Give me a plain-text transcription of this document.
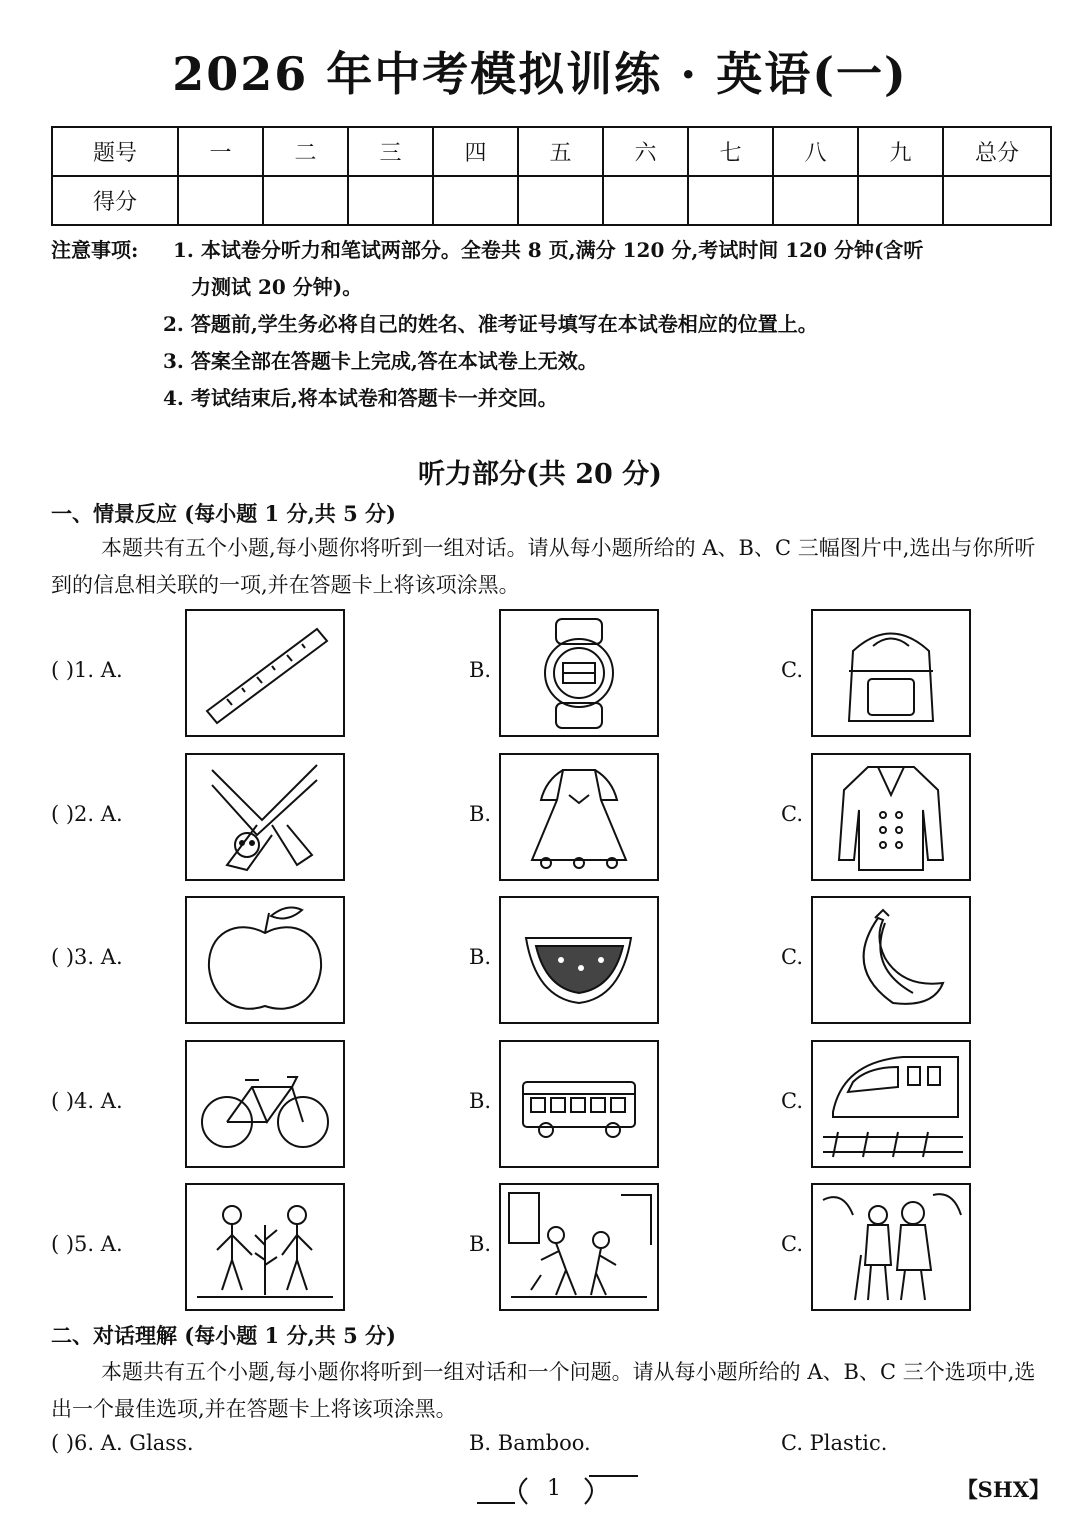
2026 年中考模拟训练 · 英语(一)
题号	一	二	三	四	五	六	七	八	九	总分
得分										
注意事项:	1. 本试卷分听力和笔试两部分。全卷共 8 页,满分 120 分,考试时间 120 分钟(含听
力测试 20 分钟)。
2. 答题前,学生务必将自己的姓名、准考证号填写在本试卷相应的位置上。
3. 答案全部在答题卡上完成,答在本试卷上无效。
4. 考试结束后,将本试卷和答题卡一并交回。
听力部分(共 20 分)
一、情景反应 (每小题 1 分,共 5 分)
本题共有五个小题,每小题你将听到一组对话。请从每小题所给的 A、B、C 三幅图片中,选出与你所听到的信息相关联的一项,并在答题卡上将该项涂黑。
( )1. A.	B.	C.
( )2. A.	B.	C.
( )3. A.	B.	C.
( )4. A.	B.	C.
( )5. A.	B.	C.
二、对话理解 (每小题 1 分,共 5 分)
本题共有五个小题,每小题你将听到一组对话和一个问题。请从每小题所给的 A、B、C 三个选项中,选出一个最佳选项,并在答题卡上将该项涂黑。
( )6. A. Glass.	B. Bamboo.	C. Plastic.
1	【SHX】
